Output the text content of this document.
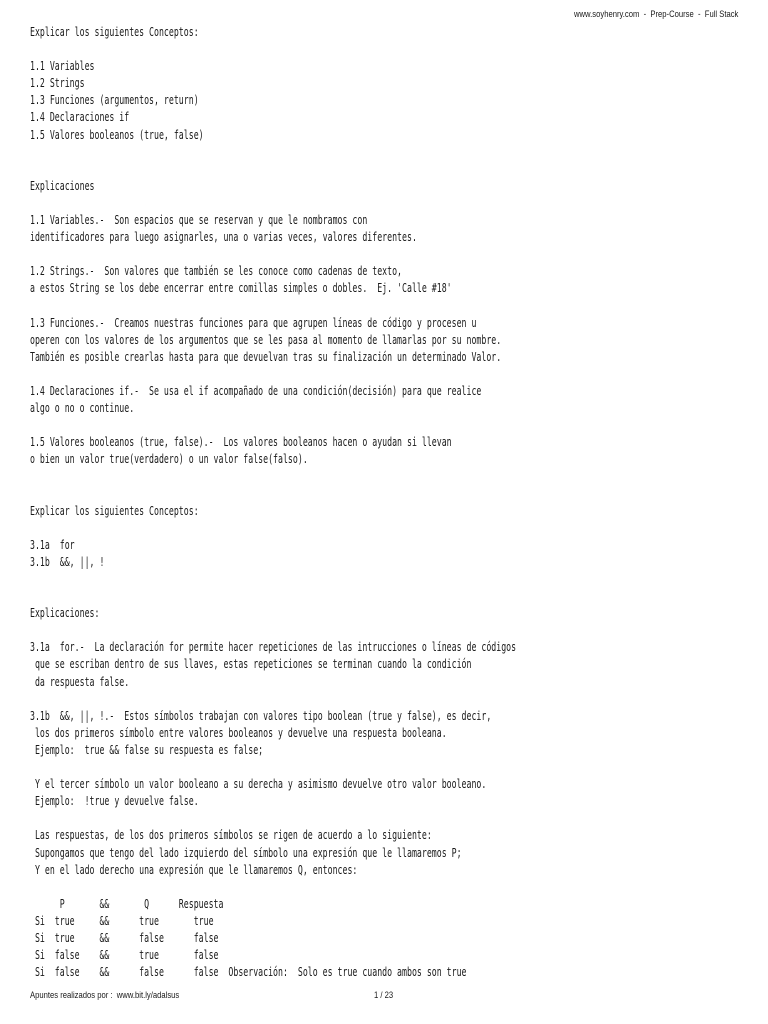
www.soyhenry.com  -  Prep-Course  -  Full Stack
Explicar los siguientes Conceptos:
1.1 Variables
1.2 Strings
1.3 Funciones (argumentos, return)
1.4 Declaraciones if
1.5 Valores booleanos (true, false)
Explicaciones
1.1 Variables.-  Son espacios que se reservan y que le nombramos con
identificadores para luego asignarles, una o varias veces, valores diferentes.
1.2 Strings.-  Son valores que también se les conoce como cadenas de texto,
a estos String se los debe encerrar entre comillas simples o dobles.  Ej. 'Calle #18'
1.3 Funciones.-  Creamos nuestras funciones para que agrupen líneas de código y procesen u
operen con los valores de los argumentos que se les pasa al momento de llamarlas por su nombre.
También es posible crearlas hasta para que devuelvan tras su finalización un determinado Valor.
1.4 Declaraciones if.-  Se usa el if acompañado de una condición(decisión) para que realice
algo o no o continue.
1.5 Valores booleanos (true, false).-  Los valores booleanos hacen o ayudan si llevan
o bien un valor true(verdadero) o un valor false(falso).
Explicar los siguientes Conceptos:
3.1a  for
3.1b  &&, ||, !
Explicaciones:
3.1a  for.-  La declaración for permite hacer repeticiones de las intrucciones o líneas de códigos
que se escriban dentro de sus llaves, estas repeticiones se terminan cuando la condición
da respuesta false.
3.1b  &&, ||, !.-  Estos símbolos trabajan con valores tipo boolean (true y false), es decir,
los dos primeros símbolo entre valores booleanos y devuelve una respuesta booleana.
Ejemplo:  true && false su respuesta es false;
Y el tercer símbolo un valor booleano a su derecha y asimismo devuelve otro valor booleano.
Ejemplo:  !true y devuelve false.
Las respuestas, de los dos primeros símbolos se rigen de acuerdo a lo siguiente:
Supongamos que tengo del lado izquierdo del símbolo una expresión que le llamaremos P;
Y en el lado derecho una expresión que le llamaremos Q, entonces:
P       &&       Q      Respuesta
Si  true     &&      true       true
Si  true     &&      false      false
Si  false    &&      true       false
Si  false    &&      false      false  Observación:  Solo es true cuando ambos son true
Apuntes realizados por :  www.bit.ly/adalsus	1 / 23
